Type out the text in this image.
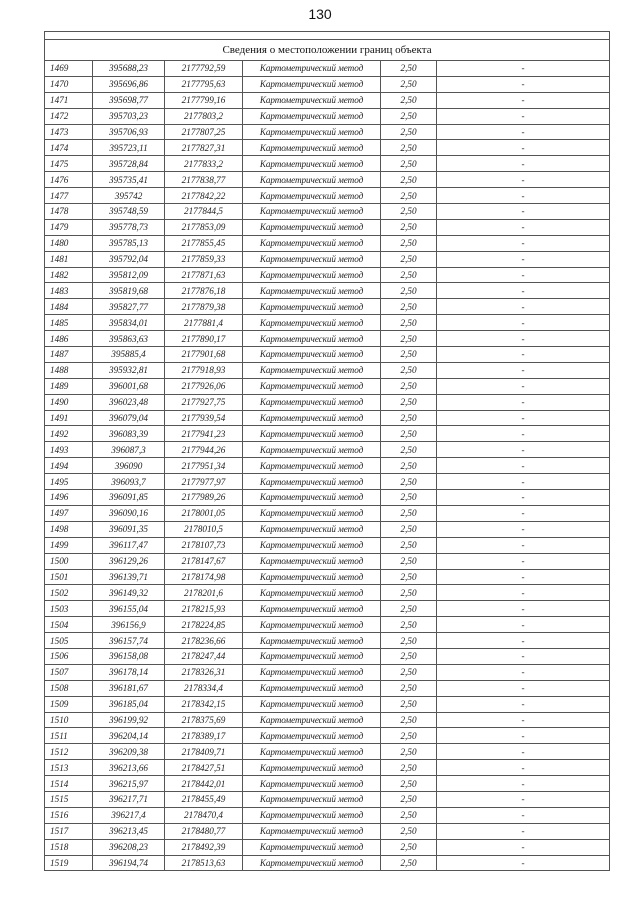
130

Сведения о местоположении границ объекта					
1469	395688,23	2177792,59	Картометрический метод	2,50	-
1470	395696,86	2177795,63	Картометрический метод	2,50	-
1471	395698,77	2177799,16	Картометрический метод	2,50	-
1472	395703,23	2177803,2	Картометрический метод	2,50	-
1473	395706,93	2177807,25	Картометрический метод	2,50	-
1474	395723,11	2177827,31	Картометрический метод	2,50	-
1475	395728,84	2177833,2	Картометрический метод	2,50	-
1476	395735,41	2177838,77	Картометрический метод	2,50	-
1477	395742	2177842,22	Картометрический метод	2,50	-
1478	395748,59	2177844,5	Картометрический метод	2,50	-
1479	395778,73	2177853,09	Картометрический метод	2,50	-
1480	395785,13	2177855,45	Картометрический метод	2,50	-
1481	395792,04	2177859,33	Картометрический метод	2,50	-
1482	395812,09	2177871,63	Картометрический метод	2,50	-
1483	395819,68	2177876,18	Картометрический метод	2,50	-
1484	395827,77	2177879,38	Картометрический метод	2,50	-
1485	395834,01	2177881,4	Картометрический метод	2,50	-
1486	395863,63	2177890,17	Картометрический метод	2,50	-
1487	395885,4	2177901,68	Картометрический метод	2,50	-
1488	395932,81	2177918,93	Картометрический метод	2,50	-
1489	396001,68	2177926,06	Картометрический метод	2,50	-
1490	396023,48	2177927,75	Картометрический метод	2,50	-
1491	396079,04	2177939,54	Картометрический метод	2,50	-
1492	396083,39	2177941,23	Картометрический метод	2,50	-
1493	396087,3	2177944,26	Картометрический метод	2,50	-
1494	396090	2177951,34	Картометрический метод	2,50	-
1495	396093,7	2177977,97	Картометрический метод	2,50	-
1496	396091,85	2177989,26	Картометрический метод	2,50	-
1497	396090,16	2178001,05	Картометрический метод	2,50	-
1498	396091,35	2178010,5	Картометрический метод	2,50	-
1499	396117,47	2178107,73	Картометрический метод	2,50	-
1500	396129,26	2178147,67	Картометрический метод	2,50	-
1501	396139,71	2178174,98	Картометрический метод	2,50	-
1502	396149,32	2178201,6	Картометрический метод	2,50	-
1503	396155,04	2178215,93	Картометрический метод	2,50	-
1504	396156,9	2178224,85	Картометрический метод	2,50	-
1505	396157,74	2178236,66	Картометрический метод	2,50	-
1506	396158,08	2178247,44	Картометрический метод	2,50	-
1507	396178,14	2178326,31	Картометрический метод	2,50	-
1508	396181,67	2178334,4	Картометрический метод	2,50	-
1509	396185,04	2178342,15	Картометрический метод	2,50	-
1510	396199,92	2178375,69	Картометрический метод	2,50	-
1511	396204,14	2178389,17	Картометрический метод	2,50	-
1512	396209,38	2178409,71	Картометрический метод	2,50	-
1513	396213,66	2178427,51	Картометрический метод	2,50	-
1514	396215,97	2178442,01	Картометрический метод	2,50	-
1515	396217,71	2178455,49	Картометрический метод	2,50	-
1516	396217,4	2178470,4	Картометрический метод	2,50	-
1517	396213,45	2178480,77	Картометрический метод	2,50	-
1518	396208,23	2178492,39	Картометрический метод	2,50	-
1519	396194,74	2178513,63	Картометрический метод	2,50	-
